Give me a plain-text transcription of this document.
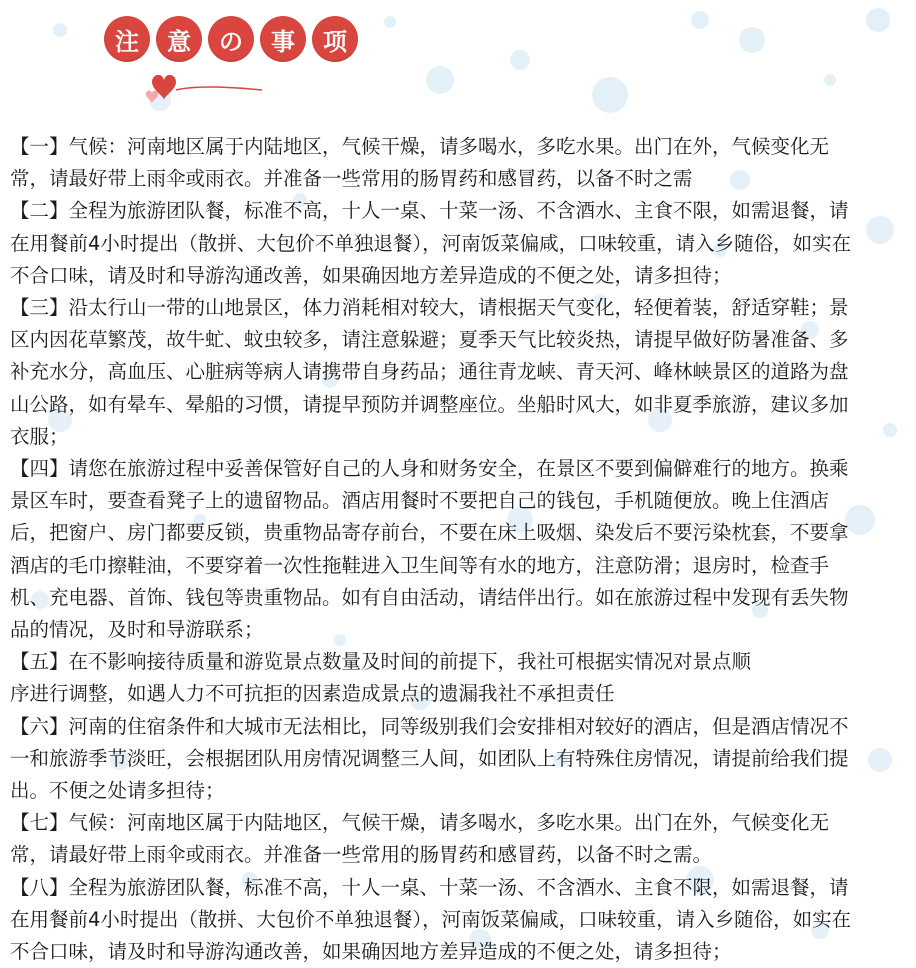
注	意	の	事	项

【一】气候：河南地区属于内陆地区，气候干燥，请多喝水，多吃水果。出门在外，气候变化无
常，请最好带上雨伞或雨衣。并准备一些常用的肠胃药和感冒药，以备不时之需

【二】全程为旅游团队餐，标准不高，十人一桌、十菜一汤、不含酒水、主食不限，如需退餐，请
在用餐前4小时提出（散拼、大包价不单独退餐），河南饭菜偏咸，口味较重，请入乡随俗，如实在
不合口味，请及时和导游沟通改善，如果确因地方差异造成的不便之处，请多担待；

【三】沿太行山一带的山地景区，体力消耗相对较大，请根据天气变化，轻便着装，舒适穿鞋；景
区内因花草繁茂，故牛虻、蚊虫较多，请注意躲避；夏季天气比较炎热，请提早做好防暑准备、多
补充水分，高血压、心脏病等病人请携带自身药品；通往青龙峡、青天河、峰林峡景区的道路为盘
山公路，如有晕车、晕船的习惯，请提早预防并调整座位。坐船时风大，如非夏季旅游，建议多加
衣服；

【四】请您在旅游过程中妥善保管好自己的人身和财务安全，在景区不要到偏僻难行的地方。换乘
景区车时，要查看凳子上的遗留物品。酒店用餐时不要把自己的钱包，手机随便放。晚上住酒店
后，把窗户、房门都要反锁，贵重物品寄存前台，不要在床上吸烟、染发后不要污染枕套，不要拿
酒店的毛巾擦鞋油，不要穿着一次性拖鞋进入卫生间等有水的地方，注意防滑；退房时，检查手
机、充电器、首饰、钱包等贵重物品。如有自由活动，请结伴出行。如在旅游过程中发现有丢失物
品的情况，及时和导游联系；

【五】在不影响接待质量和游览景点数量及时间的前提下，我社可根据实情况对景点顺
序进行调整，如遇人力不可抗拒的因素造成景点的遗漏我社不承担责任

【六】河南的住宿条件和大城市无法相比，同等级别我们会安排相对较好的酒店，但是酒店情况不
一和旅游季节淡旺，会根据团队用房情况调整三人间，如团队上有特殊住房情况，请提前给我们提
出。不便之处请多担待；

【七】气候：河南地区属于内陆地区，气候干燥，请多喝水，多吃水果。出门在外，气候变化无
常，请最好带上雨伞或雨衣。并准备一些常用的肠胃药和感冒药，以备不时之需。

【八】全程为旅游团队餐，标准不高，十人一桌、十菜一汤、不含酒水、主食不限，如需退餐，请
在用餐前4小时提出（散拼、大包价不单独退餐），河南饭菜偏咸，口味较重，请入乡随俗，如实在
不合口味，请及时和导游沟通改善，如果确因地方差异造成的不便之处，请多担待；
